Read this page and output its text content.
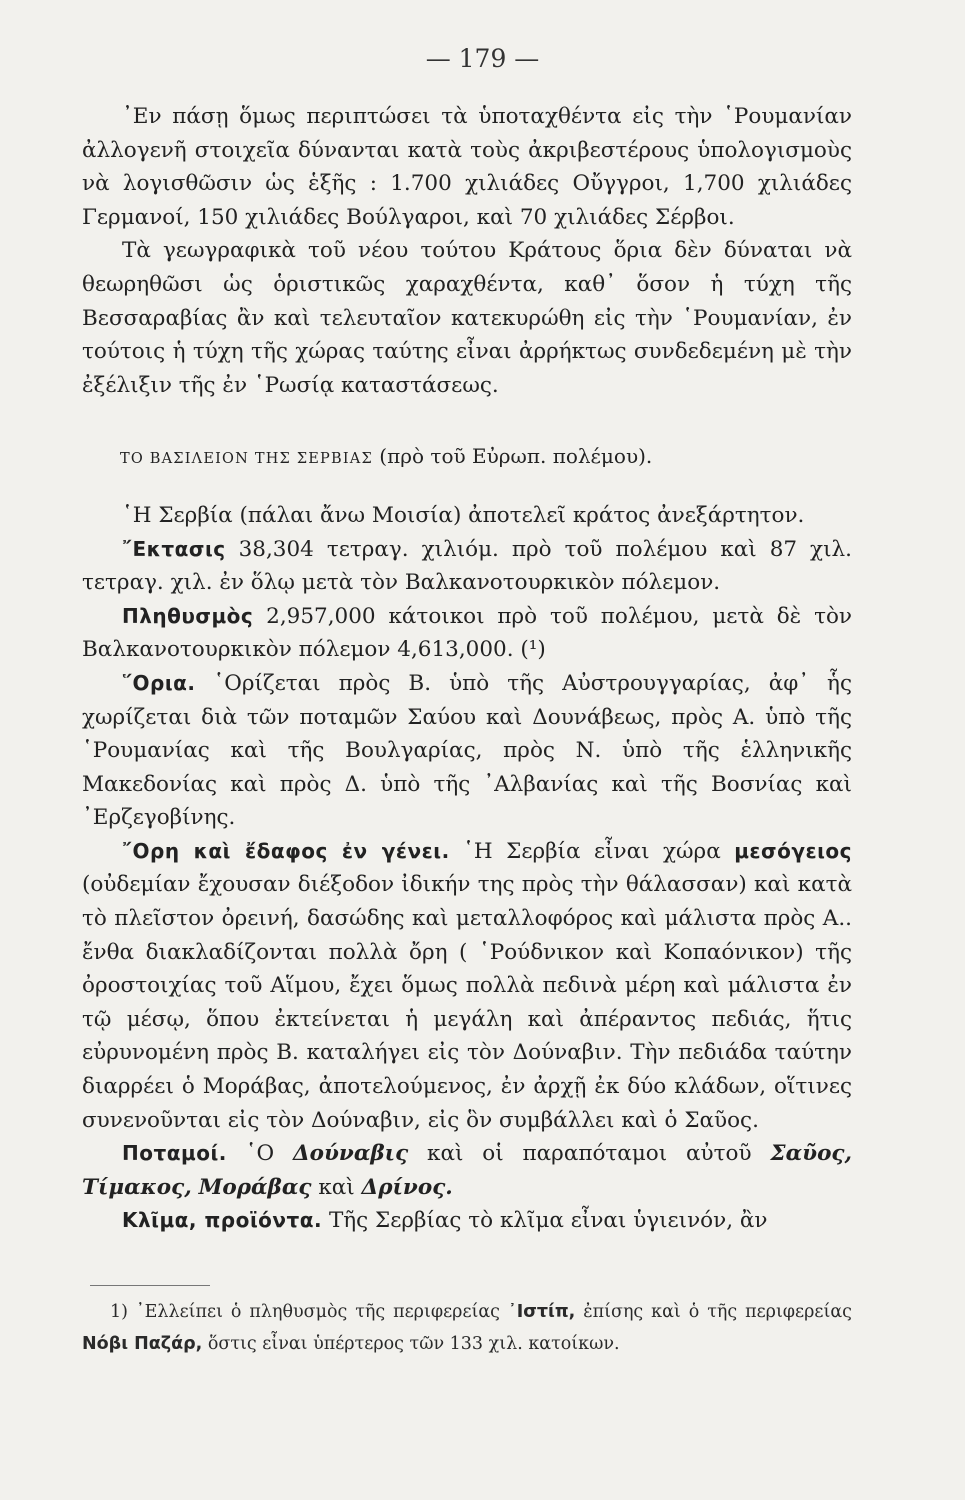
— 179 —

᾽Εν πάσῃ ὅμως περιπτώσει τὰ ὑποταχθέντα εἰς τὴν ῾Ρουμανίαν ἀλλογενῆ στοιχεῖα δύνανται κατὰ τοὺς ἀκριβεστέρους ὑπολογισμοὺς νὰ λογισθῶσιν ὡς ἑξῆς : 1.700 χιλιάδες Οὔγγροι, 1,700 χιλιάδες Γερμανοί, 150 χιλιάδες Βούλγαροι, καὶ 70 χιλιάδες Σέρβοι.

Τὰ γεωγραφικὰ τοῦ νέου τούτου Κράτους ὅρια δὲν δύναται νὰ θεωρηθῶσι ὡς ὁριστικῶς χαραχθέντα, καθ᾽ ὅσον ἡ τύχη τῆς Βεσσαραβίας ἂν καὶ τελευταῖον κατεκυρώθη εἰς τὴν ῾Ρουμανίαν, ἐν τούτοις ἡ τύχη τῆς χώρας ταύτης εἶναι ἀρρήκτως συνδεδεμένη μὲ τὴν ἐξέλιξιν τῆς ἐν ῾Ρωσίᾳ καταστάσεως.

ΤΟ ΒΑΣΙΛΕΙΟΝ ΤΗΣ ΣΕΡΒΙΑΣ (πρὸ τοῦ Εὐρωπ. πολέμου).

῾Η Σερβία (πάλαι ἄνω Μοισία) ἀποτελεῖ κράτος ἀνεξάρτητον.

῎Εκτασις 38,304 τετραγ. χιλιόμ. πρὸ τοῦ πολέμου καὶ 87 χιλ. τετραγ. χιλ. ἐν ὅλῳ μετὰ τὸν Βαλκανοτουρκικὸν πόλεμον.

Πληθυσμὸς 2,957,000 κάτοικοι πρὸ τοῦ πολέμου, μετὰ δὲ τὸν Βαλκανοτουρκικὸν πόλεμον 4,613,000. (¹)

῞Ορια. ῾Ορίζεται πρὸς Β. ὑπὸ τῆς Αὐστρουγγαρίας, ἀφ᾽ ἧς χωρίζεται διὰ τῶν ποταμῶν Σαύου καὶ Δουνάβεως, πρὸς Α. ὑπὸ τῆς ῾Ρουμανίας καὶ τῆς Βουλγαρίας, πρὸς Ν. ὑπὸ τῆς ἑλληνικῆς Μακεδονίας καὶ πρὸς Δ. ὑπὸ τῆς ᾽Αλβανίας καὶ τῆς Βοσνίας καὶ ᾽Ερζεγοβίνης.

῎Ορη καὶ ἔδαφος ἐν γένει. ῾Η Σερβία εἶναι χώρα μεσόγειος (οὐδεμίαν ἔχουσαν διέξοδον ἰδικήν της πρὸς τὴν θάλασσαν) καὶ κατὰ τὸ πλεῖστον ὀρεινή, δασώδης καὶ μεταλλοφόρος καὶ μάλιστα πρὸς Α.. ἔνθα διακλαδίζονται πολλὰ ὄρη ( ῾Ρούδνικον καὶ Κοπαόνικον) τῆς ὀροστοιχίας τοῦ Αἵμου, ἔχει ὅμως πολλὰ πεδινὰ μέρη καὶ μάλιστα ἐν τῷ μέσῳ, ὅπου ἐκτείνεται ἡ μεγάλη καὶ ἀπέραντος πεδιάς, ἥτις εὐρυνομένη πρὸς Β. καταλήγει εἰς τὸν Δούναβιν. Τὴν πεδιάδα ταύτην διαρρέει ὁ Μοράβας, ἀποτελούμενος, ἐν ἀρχῇ ἐκ δύο κλάδων, οἵτινες συνενοῦνται εἰς τὸν Δούναβιν, εἰς ὃν συμβάλλει καὶ ὁ Σαῦος.

Ποταμοί. ῾Ο Δούναβις καὶ οἱ παραπόταμοι αὐτοῦ Σαῦος, Τίμακος, Μοράβας καὶ Δρίνος.

Κλῖμα, προϊόντα. Τῆς Σερβίας τὸ κλῖμα εἶναι ὑγιεινόν, ἂν

1) ᾽Ελλείπει ὁ πληθυσμὸς τῆς περιφερείας ᾽Ιστίπ, ἐπίσης καὶ ὁ τῆς περιφερείας Νόβι Παζάρ, ὅστις εἶναι ὑπέρτερος τῶν 133 χιλ. κατοίκων.
